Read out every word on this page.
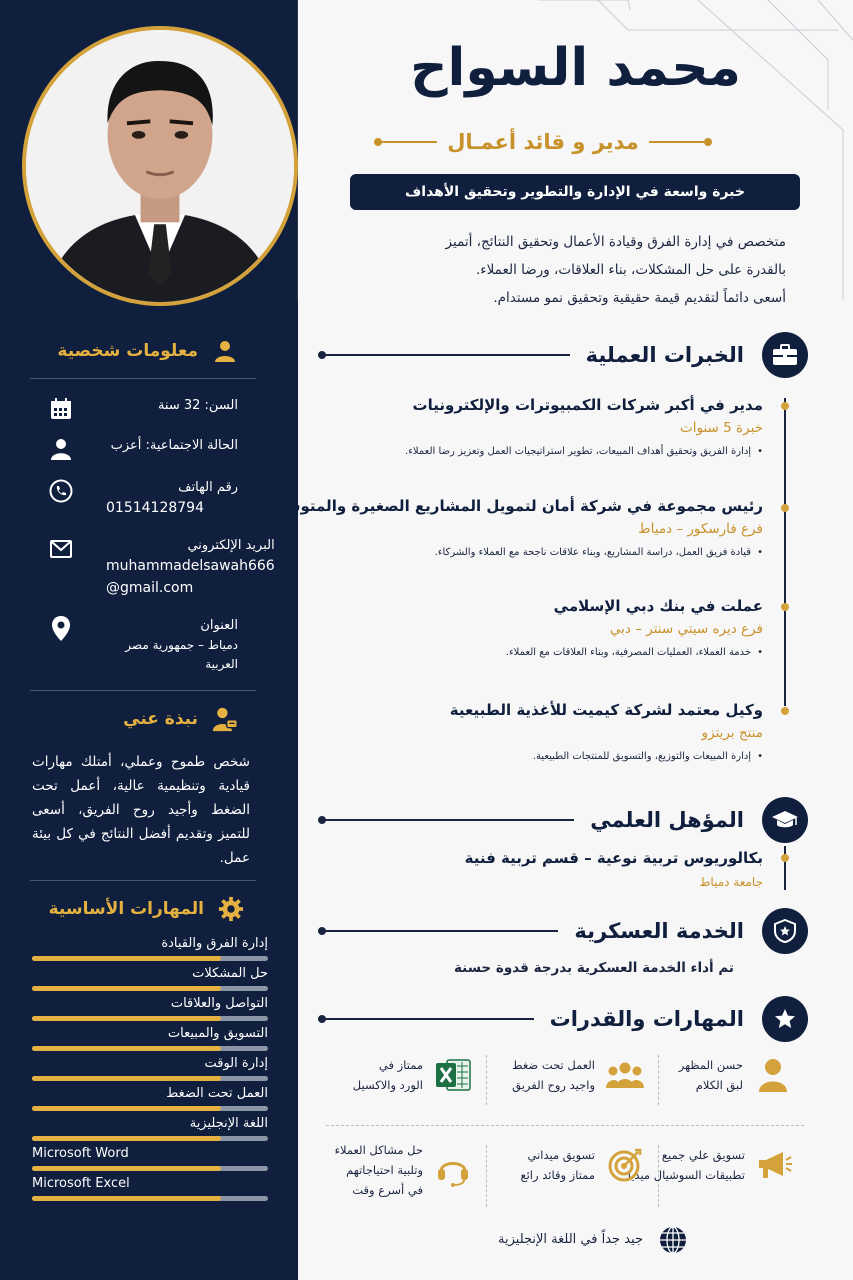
معلومات شخصية
السن: 32 سنة
الحالة الاجتماعية: أعزب
رقم الهاتف
01514128794
البريد الإلكتروني
muhammadelsawah666
@gmail.com
العنوان
دمياط – جمهورية مصر العربية
نبذة عني

شخص طموح وعملي، أمتلك مهارات قيادية وتنظيمية عالية، أعمل تحت الضغط وأجيد روح الفريق، أسعى للتميز وتقديم أفضل النتائج في كل بيئة عمل.

المهارات الأساسية
إدارة الفرق والقيادة
حل المشكلات
التواصل والعلاقات
التسويق والمبيعات
إدارة الوقت
العمل تحت الضغط
اللغة الإنجليزية
Microsoft Word
Microsoft Excel
محمد السواح
مدير و قائد أعمـال
خبرة واسعة في الإدارة والتطوير وتحقيق الأهداف
متخصص في إدارة الفرق وقيادة الأعمال وتحقيق النتائج، أتميز
بالقدرة على حل المشكلات، بناء العلاقات، ورضا العملاء.
أسعى دائماً لتقديم قيمة حقيقية وتحقيق نمو مستدام.
الخبرات العملية
مدير في أكبر شركات الكمبيوترات والإلكترونيات
خبرة 5 سنوات
• إدارة الفريق وتحقيق أهداف المبيعات، تطوير استراتيجيات العمل وتعزيز رضا العملاء.
رئيس مجموعة في شركة أمان لتمويل المشاريع الصغيرة والمتوسطة
فرع فارسكور – دمياط
• قيادة فريق العمل، دراسة المشاريع، وبناء علاقات ناجحة مع العملاء والشركاء.
عملت في بنك دبي الإسلامي
فرع ديره سيتي سنتر – دبي
• خدمة العملاء، العمليات المصرفية، وبناء العلاقات مع العملاء.
وكيل معتمد لشركة كيميت للأغذية الطبيعية
منتج بريتزو
• إدارة المبيعات والتوزيع، والتسويق للمنتجات الطبيعية.
المؤهل العلمي
بكالوريوس تربية نوعية – قسم تربية فنية
جامعة دمياط
الخدمة العسكرية
تم أداء الخدمة العسكرية بدرجة قدوة حسنة
المهارات والقدرات
حسن المظهر
لبق الكلام
العمل تحت ضغط
واجيد روح الفريق
ممتاز في
الورد والاكسيل
تسويق علي جميع
تطبيقات السوشيال ميديا
تسويق ميداني
ممتاز وقائد رائع
حل مشاكل العملاء
وتلبية احتياجاتهم
في أسرع وقت
جيد جداً في اللغة الإنجليزية
